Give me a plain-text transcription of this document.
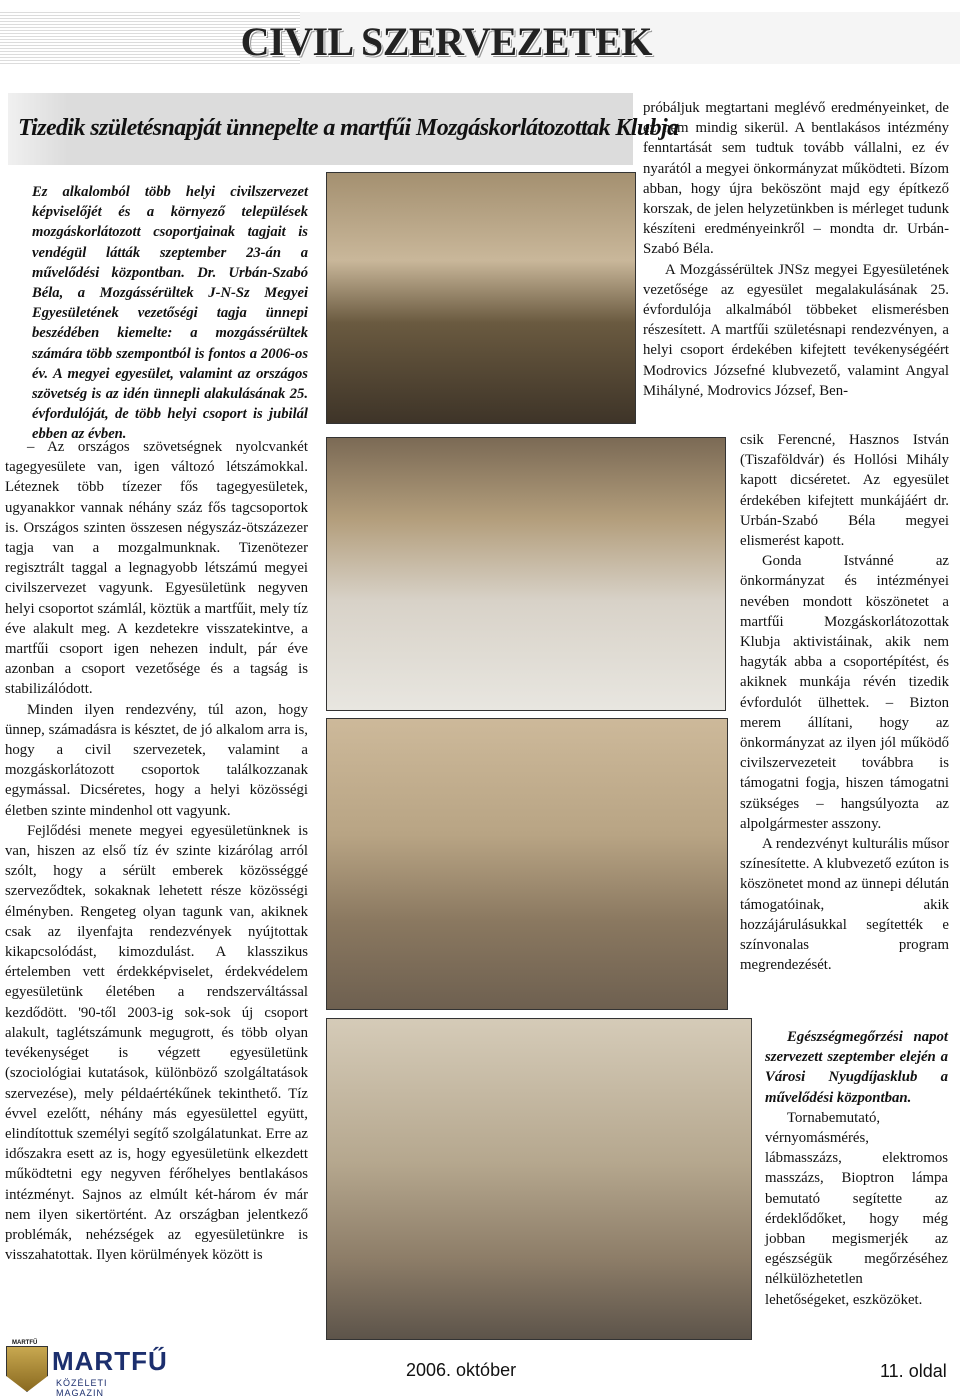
CIVIL SZERVEZETEK
Tizedik születésnapját ünnepelte a martfűi Mozgáskorlátozottak Klubja
Ez alkalomból több helyi civilszervezet képviselőjét és a környező települések mozgáskorlátozott csoportjainak tagjait is vendégül látták szeptember 23-án a művelődési központban. Dr. Urbán-Szabó Béla, a Mozgássérültek J-N-Sz Megyei Egyesületének vezetőségi tagja ünnepi beszédében kiemelte: a mozgássérültek számára több szempontból is fontos a 2006-os év. A megyei egyesület, valamint az országos szövetség is az idén ünnepli alakulásának 25. évfordulóját, de több helyi csoport is jubilál ebben az évben.

– Az országos szövetségnek nyolcvankét tagegyesülete van, igen változó létszámokkal. Léteznek több tízezer fős tagegyesületek, ugyanakkor vannak néhány száz fős tagcsoportok is. Országos szinten összesen négyszáz-ötszázezer tagja van a mozgalmunknak. Tizenötezer regisztrált taggal a legnagyobb létszámú megyei civilszervezet vagyunk. Egyesületünk negyven helyi csoportot számlál, köztük a martfűit, mely tíz éve alakult meg. A kezdetekre visszatekintve, a martfűi csoport igen nehezen indult, pár éve azonban a csoport vezetősége és a tagság is stabilizálódott.

Minden ilyen rendezvény, túl azon, hogy ünnep, számadásra is késztet, de jó alkalom arra is, hogy a civil szervezetek, valamint a mozgáskorlátozott csoportok találkozzanak egymással. Dicséretes, hogy a helyi közösségi életben szinte mindenhol ott vagyunk.

Fejlődési menete megyei egyesületünknek is van, hiszen az első tíz év szinte kizárólag arról szólt, hogy a sérült emberek közösséggé szerveződtek, sokaknak lehetett része közösségi élményben. Rengeteg olyan tagunk van, akiknek csak az ilyenfajta rendezvények nyújtottak kikapcsolódást, kimozdulást. A klasszikus értelemben vett érdekképviselet, érdekvédelem egyesületünk életében a rendszerváltással kezdődött. '90-től 2003-ig sok-sok új csoport alakult, taglétszámunk megugrott, és több olyan tevékenységet is végzett egyesületünk (szociológiai kutatások, különböző szolgáltatások szervezése), mely példaértékűnek tekinthető. Tíz évvel ezelőtt, néhány más egyesülettel együtt, elindítottuk személyi segítő szolgálatunkat. Erre az időszakra esett az is, hogy egyesületünk elkezdett működtetni egy negyven férőhelyes bentlakásos intézményt. Sajnos az elmúlt két-három év már nem ilyen sikertörtént. Az országban jelentkező problémák, nehézségek az egyesületünkre is visszahatottak. Ilyen körülmények között is

próbáljuk megtartani meglévő eredményeinket, de ez nem mindig sikerül. A bentlakásos intézmény fenntartását sem tudtuk tovább vállalni, ez év nyarától a megyei önkormányzat működteti. Bízom abban, hogy újra beköszönt majd egy építkező korszak, de jelen helyzetünkben is mérleget tudunk készíteni eredményeinkről – mondta dr. Urbán-Szabó Béla.

A Mozgássérültek JNSz megyei Egyesületének vezetősége az egyesület megalakulásának 25. évfordulója alkalmából többeket elismerésben részesített. A martfűi születésnapi rendezvényen, a helyi csoport érdekében kifejtett tevékenységéért Modrovics Józsefné klubvezető, valamint Angyal Mihályné, Modrovics József, Ben-

csik Ferencné, Hasznos István (Tiszaföldvár) és Hollósi Mihály kapott dicséretet. Az egyesület érdekében kifejtett munkájáért dr. Urbán-Szabó Béla megyei elismerést kapott.

Gonda Istvánné az önkormányzat és intézményei nevében mondott köszönetet a martfűi Mozgáskorlátozottak Klubja aktivistáinak, akik nem hagyták abba a csoportépítést, és akiknek munkája révén tizedik évfordulót ülhettek. – Bizton merem állítani, hogy az önkormányzat az ilyen jól működő civilszervezeteit továbbra is támogatni fogja, hiszen támogatni szükséges – hangsúlyozta az alpolgármester asszony.

A rendezvényt kulturális műsor színesítette. A klubvezető ezúton is köszönetet mond az ünnepi délután támogatóinak, akik hozzájárulásukkal segítették e színvonalas program megrendezését.

Egészségmegőrzési napot szervezett szeptember elején a Városi Nyugdíjasklub a művelődési központban.

Tornabemutató, vérnyomásmérés, lábmasszázs, elektromos masszázs, Bioptron lámpa bemutató segítette az érdeklődőket, hogy még jobban megismerjék az egészségük megőrzéséhez nélkülözhetetlen lehetőségeket, eszközöket.

MARTFŰ
MARTFŰ
KÖZÉLETI MAGAZIN
2006. október	11. oldal
